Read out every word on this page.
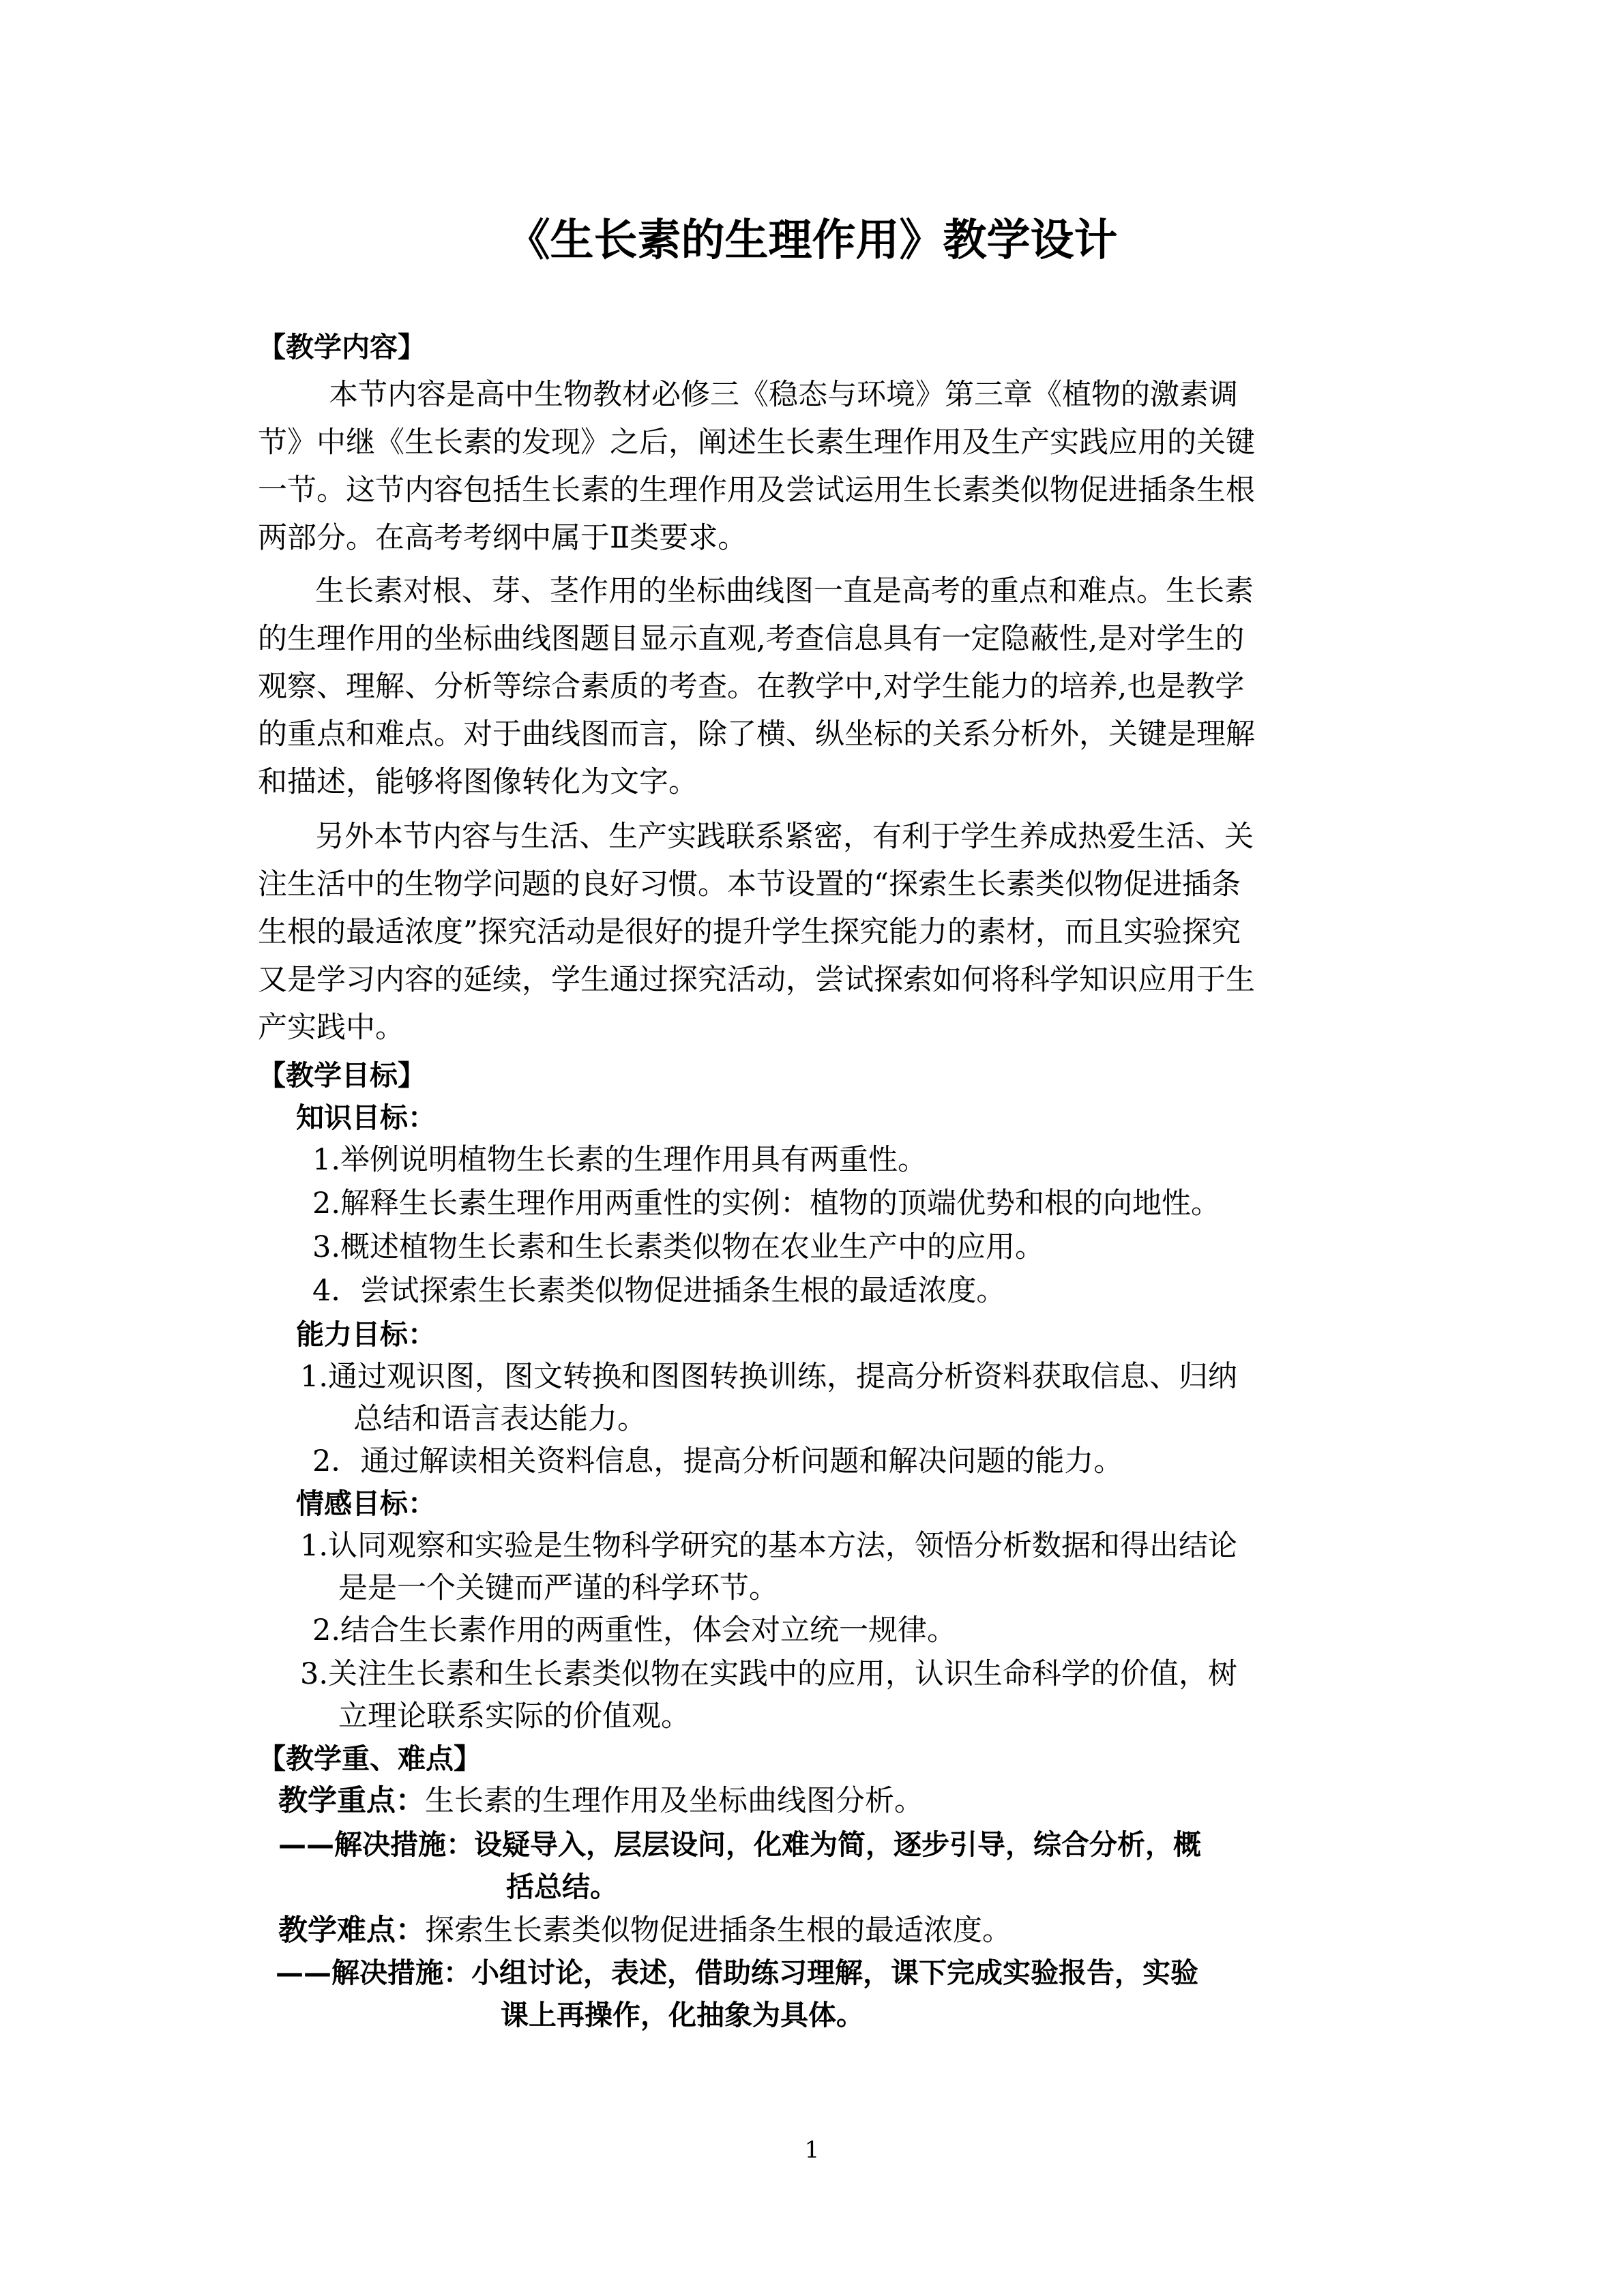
《生长素的生理作用》教学设计

【教学内容】

本节内容是高中生物教材必修三《稳态与环境》第三章《植物的激素调

节》中继《生长素的发现》之后，阐述生长素生理作用及生产实践应用的关键

一节。这节内容包括生长素的生理作用及尝试运用生长素类似物促进插条生根

两部分。在高考考纲中属于Ⅱ类要求。

生长素对根、芽、茎作用的坐标曲线图一直是高考的重点和难点。生长素

的生理作用的坐标曲线图题目显示直观,考查信息具有一定隐蔽性,是对学生的

观察、理解、分析等综合素质的考查。在教学中,对学生能力的培养,也是教学

的重点和难点。对于曲线图而言，除了横、纵坐标的关系分析外，关键是理解

和描述，能够将图像转化为文字。

另外本节内容与生活、生产实践联系紧密，有利于学生养成热爱生活、关

注生活中的生物学问题的良好习惯。本节设置的“探索生长素类似物促进插条

生根的最适浓度”探究活动是很好的提升学生探究能力的素材，而且实验探究

又是学习内容的延续，学生通过探究活动，尝试探索如何将科学知识应用于生

产实践中。

【教学目标】

知识目标：

1.举例说明植物生长素的生理作用具有两重性。

2.解释生长素生理作用两重性的实例：植物的顶端优势和根的向地性。

3.概述植物生长素和生长素类似物在农业生产中的应用。

4．尝试探索生长素类似物促进插条生根的最适浓度。

能力目标：

1.通过观识图，图文转换和图图转换训练，提高分析资料获取信息、归纳

总结和语言表达能力。

2．通过解读相关资料信息，提高分析问题和解决问题的能力。

情感目标：

1.认同观察和实验是生物科学研究的基本方法，领悟分析数据和得出结论

是是一个关键而严谨的科学环节。

2.结合生长素作用的两重性，体会对立统一规律。

3.关注生长素和生长素类似物在实践中的应用，认识生命科学的价值，树

立理论联系实际的价值观。

【教学重、难点】

教学重点：生长素的生理作用及坐标曲线图分析。

——解决措施：设疑导入，层层设问，化难为简，逐步引导，综合分析，概

括总结。

教学难点：探索生长素类似物促进插条生根的最适浓度。

——解决措施：小组讨论，表述，借助练习理解，课下完成实验报告，实验

课上再操作，化抽象为具体。

1
